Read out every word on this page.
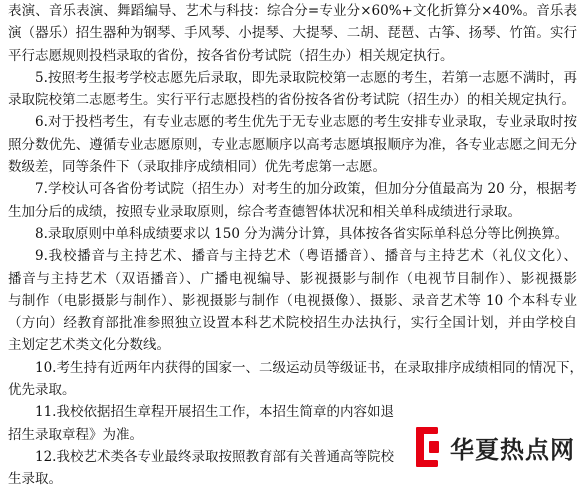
表演、音乐表演、舞蹈编导、艺术与科技：综合分=专业分×60%+文化折算分×40%。音乐表
演（器乐）招生器种为钢琴、手风琴、小提琴、大提琴、二胡、琵琶、古筝、扬琴、竹笛。实行
平行志愿规则投档录取的省份，按各省份考试院（招生办）相关规定执行。
5.按照考生报考学校志愿先后录取，即先录取院校第一志愿的考生，若第一志愿不满时，再
录取院校第二志愿考生。实行平行志愿投档的省份按各省份考试院（招生办）的相关规定执行。
6.对于投档考生，有专业志愿的考生优先于无专业志愿的考生安排专业录取，专业录取时按
照分数优先、遵循专业志愿原则，专业志愿顺序以高考志愿填报顺序为准，各专业志愿之间无分
数级差，同等条件下（录取排序成绩相同）优先考虑第一志愿。
7.学校认可各省份考试院（招生办）对考生的加分政策，但加分分值最高为 20 分，根据考
生加分后的成绩，按照专业录取原则，综合考查德智体状况和相关单科成绩进行录取。
8.录取原则中单科成绩要求以 150 分为满分计算，具体按各省实际单科总分等比例换算。
9.我校播音与主持艺术、播音与主持艺术（粤语播音）、播音与主持艺术（礼仪文化）、
播音与主持艺术（双语播音）、广播电视编导、影视摄影与制作（电视节目制作）、影视摄影
与制作（电影摄影与制作）、影视摄影与制作（电视摄像）、摄影、录音艺术等 10 个本科专业
（方向）经教育部批准参照独立设置本科艺术院校招生办法执行，实行全国计划，并由学校自
主划定艺术类文化分数线。
10.考生持有近两年内获得的国家一、二级运动员等级证书，在录取排序成绩相同的情况下，
优先录取。
11.我校依据招生章程开展招生工作，本招生简章的内容如退
招生录取章程》为准。
12.我校艺术类各专业最终录取按照教育部有关普通高等院校
生录取。
华夏热点网
